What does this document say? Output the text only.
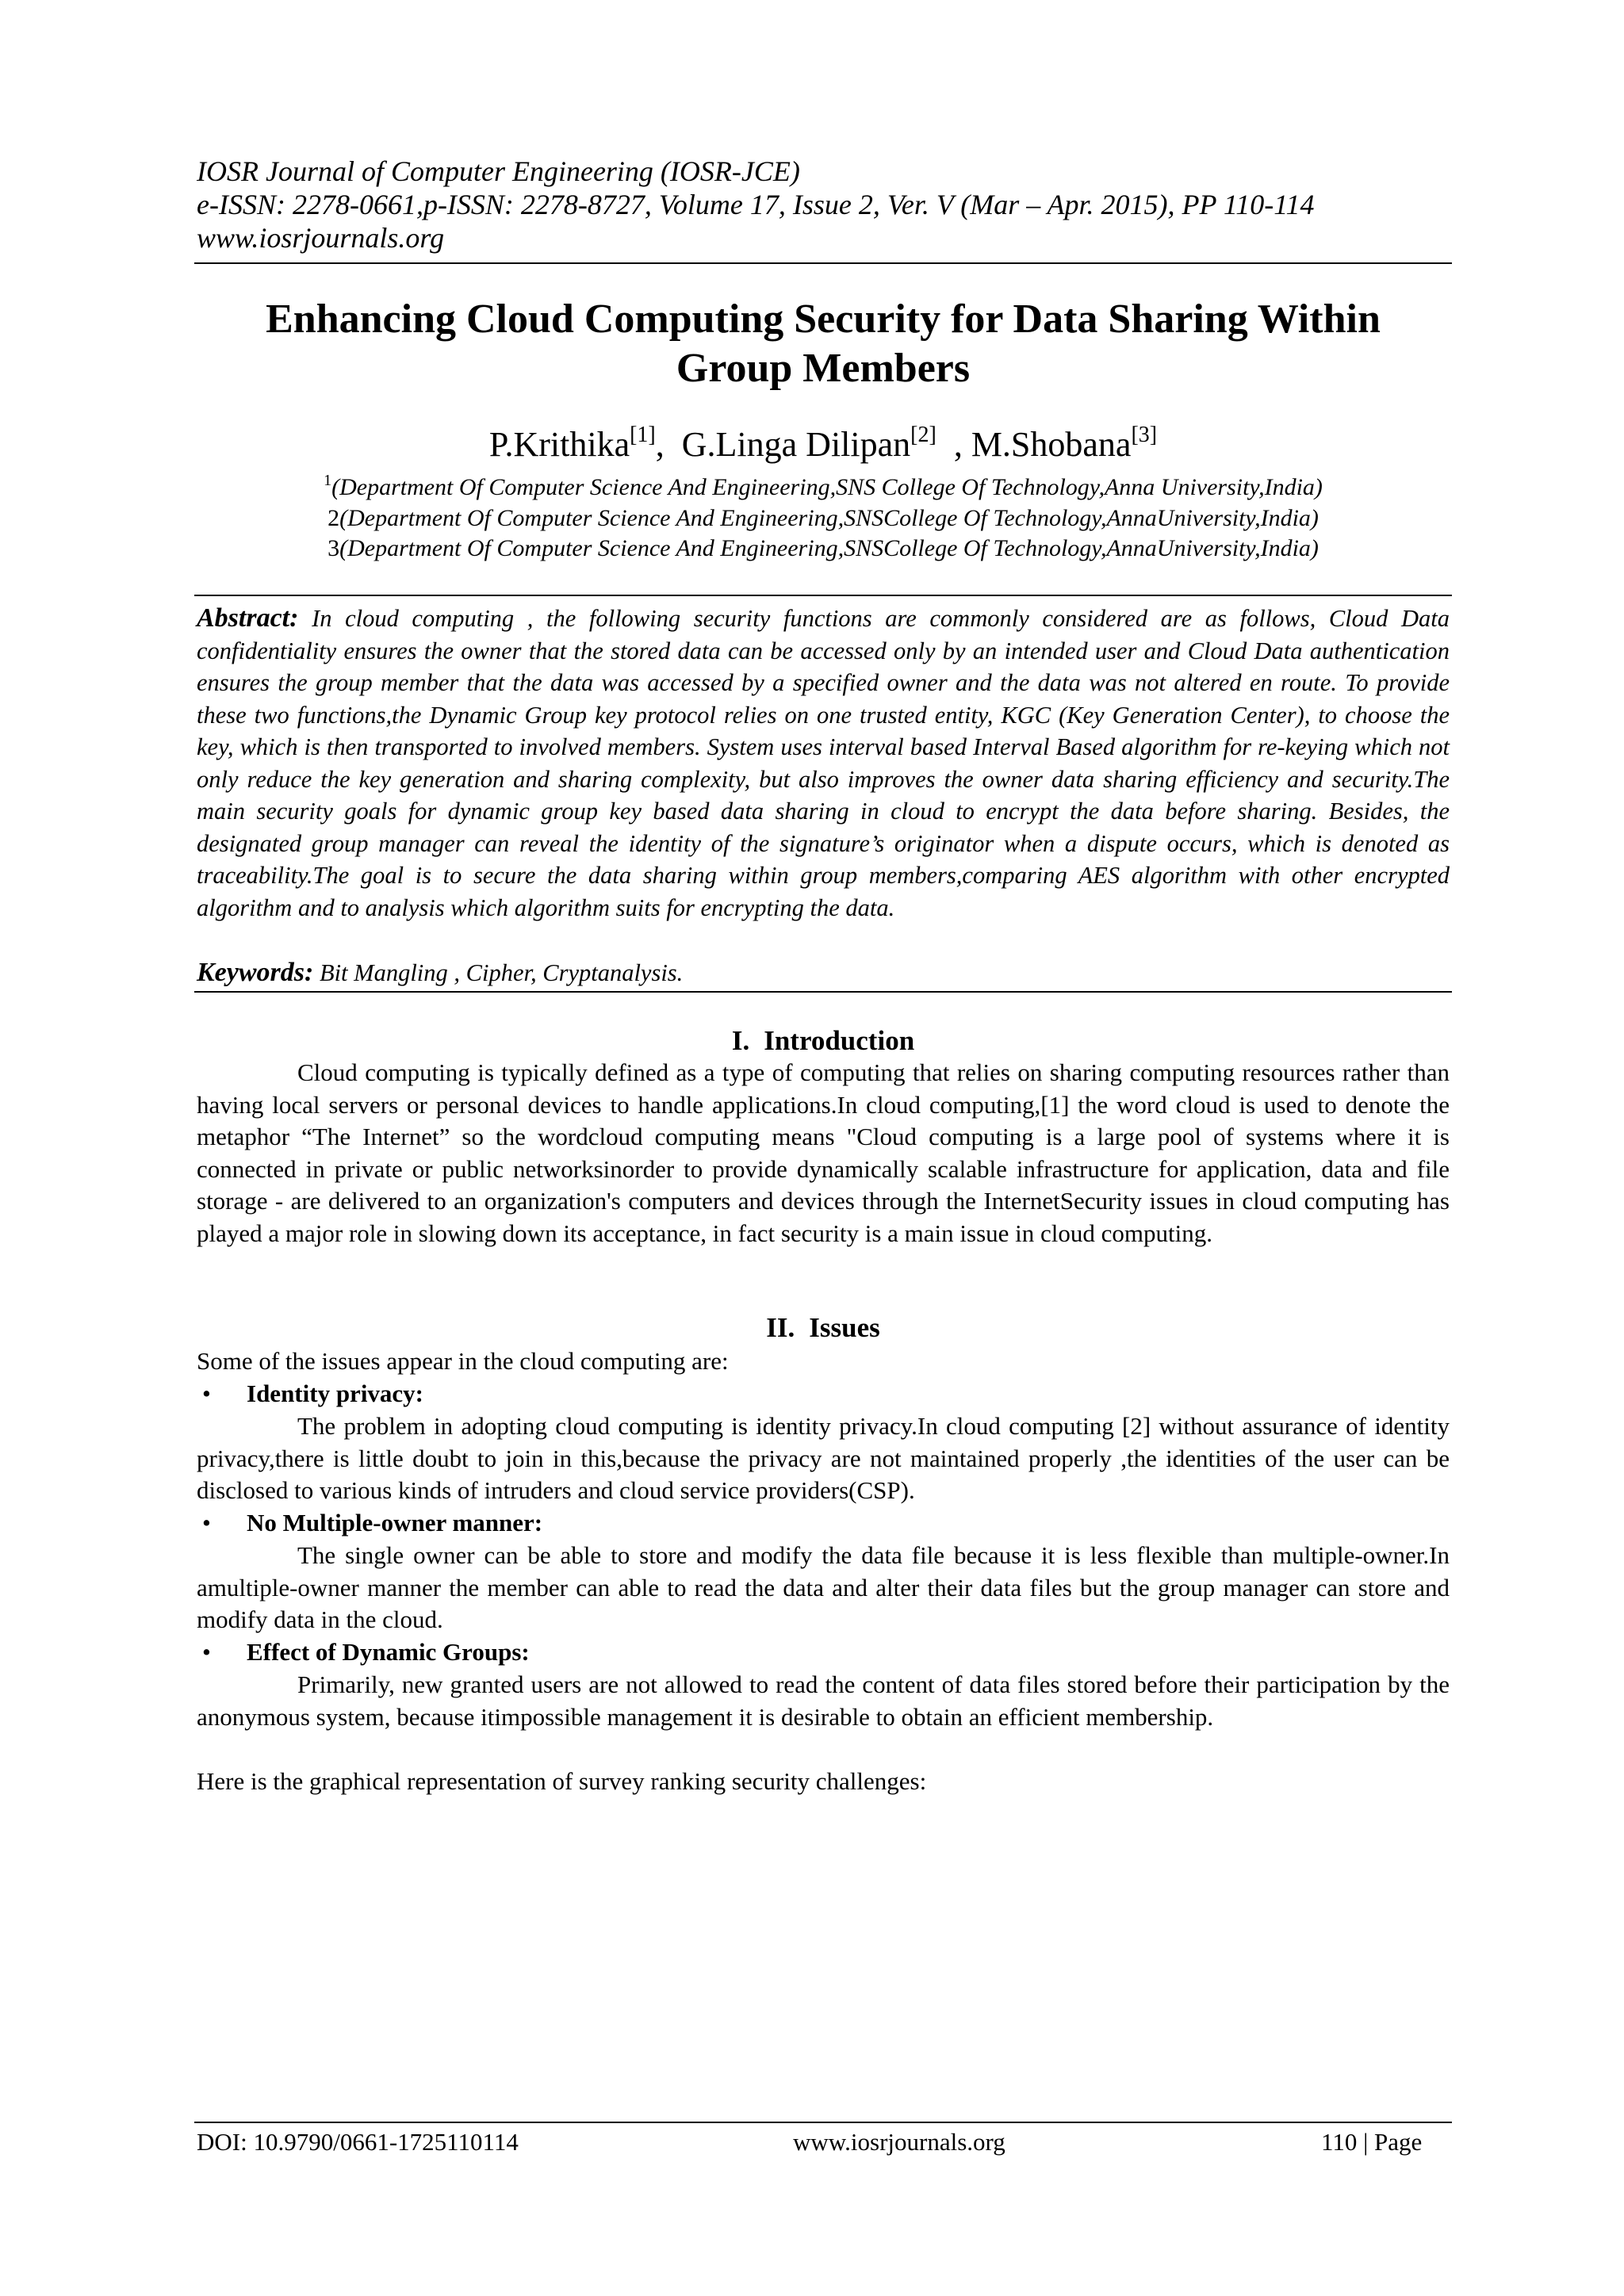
IOSR Journal of Computer Engineering (IOSR-JCE)
e-ISSN: 2278-0661,p-ISSN: 2278-8727, Volume 17, Issue 2, Ver. V (Mar – Apr. 2015), PP 110-114
www.iosrjournals.org
Enhancing Cloud Computing Security for Data Sharing Within
Group Members
P.Krithika[1],  G.Linga Dilipan[2]  , M.Shobana[3]
$^1$(Department Of Computer Science And Engineering,SNS College Of Technology,Anna University,India)
2(Department Of Computer Science And Engineering,SNSCollege Of Technology,AnnaUniversity,India)
3(Department Of Computer Science And Engineering,SNSCollege Of Technology,AnnaUniversity,India)
Abstract: In cloud computing , the following security functions are commonly considered are as follows, Cloud Data confidentiality ensures the owner that the stored data can be accessed only by an intended user and Cloud Data authentication ensures the group member that the data was accessed by a specified owner and the data was not altered en route. To provide these two functions,the Dynamic Group key protocol relies on one trusted entity, KGC (Key Generation Center), to choose the key, which is then transported to involved members. System uses interval based Interval Based algorithm for re-keying which not only reduce the key generation and sharing complexity, but also improves the owner data sharing efficiency and security.The main security goals for dynamic group key based data sharing in cloud to encrypt the data before sharing. Besides, the designated group manager can reveal the identity of the signature’s originator when a dispute occurs, which is denoted as traceability.The goal is to secure the data sharing within group members,comparing AES algorithm with other encrypted algorithm and to analysis which algorithm suits for encrypting the data.
Keywords: Bit Mangling , Cipher, Cryptanalysis.
I. Introduction
Cloud computing is typically defined as a type of computing that relies on sharing computing resources rather than having local servers or personal devices to handle applications.In cloud computing,[1] the word cloud is used to denote the metaphor “The Internet” so the wordcloud computing means "Cloud computing is a large pool of systems where it is connected in private or public networksinorder to provide dynamically scalable infrastructure for application, data and file storage - are delivered to an organization's computers and devices through the InternetSecurity issues in cloud computing has played a major role in slowing down its acceptance, in fact security is a main issue in cloud computing.
II. Issues
Some of the issues appear in the cloud computing are:
• Identity privacy:
The problem in adopting cloud computing is identity privacy.In cloud computing [2] without assurance of identity privacy,there is little doubt to join in this,because the privacy are not maintained properly ,the identities of the user can be disclosed to various kinds of intruders and cloud service providers(CSP).
• No Multiple-owner manner:
The single owner can be able to store and modify the data file because it is less flexible than multiple-owner.In amultiple-owner manner the member can able to read the data and alter their data files but the group manager can store and modify data in the cloud.
• Effect of Dynamic Groups:
Primarily, new granted users are not allowed to read the content of data files stored before their participation by the anonymous system, because itimpossible management it is desirable to obtain an efficient membership.
Here is the graphical representation of survey ranking security challenges:
DOI: 10.9790/0661-1725110114	www.iosrjournals.org	110 | Page
